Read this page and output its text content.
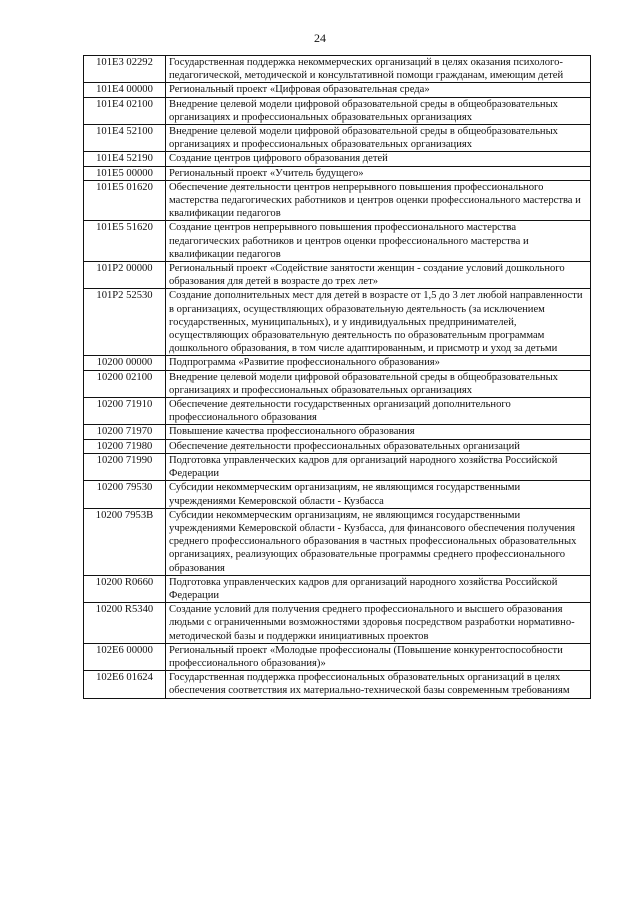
24
101E3 02292	Государственная поддержка некоммерческих организаций в целях оказания психолого-педагогической, методической и консультативной помощи гражданам, имеющим детей
101E4 00000	Региональный проект «Цифровая образовательная среда»
101E4 02100	Внедрение целевой модели цифровой образовательной среды в общеобразовательных организациях и профессиональных образовательных организациях
101E4 52100	Внедрение целевой модели цифровой образовательной среды в общеобразовательных организациях и профессиональных образовательных организациях
101E4 52190	Создание центров цифрового образования детей
101E5 00000	Региональный проект «Учитель будущего»
101E5 01620	Обеспечение деятельности центров непрерывного повышения профессионального мастерства педагогических работников и центров оценки профессионального мастерства и квалификации педагогов
101E5 51620	Создание центров непрерывного повышения профессионального мастерства педагогических работников и центров оценки профессионального мастерства и квалификации педагогов
101P2 00000	Региональный проект «Содействие занятости женщин - создание условий дошкольного образования для детей в возрасте до трех лет»
101P2 52530	Создание дополнительных мест для детей в возрасте от 1,5 до 3 лет любой направленности в организациях, осуществляющих образовательную деятельность (за исключением государственных, муниципальных), и у индивидуальных предпринимателей, осуществляющих образовательную деятельность по образовательным программам дошкольного образования, в том числе адаптированным, и присмотр и уход за детьми
10200 00000	Подпрограмма «Развитие профессионального образования»
10200 02100	Внедрение целевой модели цифровой образовательной среды в общеобразовательных организациях и профессиональных образовательных организациях
10200 71910	Обеспечение деятельности государственных организаций дополнительного профессионального образования
10200 71970	Повышение качества профессионального образования
10200 71980	Обеспечение деятельности профессиональных образовательных организаций
10200 71990	Подготовка управленческих кадров для организаций народного хозяйства Российской Федерации
10200 79530	Субсидии некоммерческим организациям, не являющимся государственными учреждениями Кемеровской области - Кузбасса
10200 7953B	Субсидии некоммерческим организациям, не являющимся государственными учреждениями Кемеровской области - Кузбасса, для финансового обеспечения получения среднего профессионального образования в частных профессиональных образовательных организациях, реализующих образовательные программы среднего профессионального образования
10200 R0660	Подготовка управленческих кадров для организаций народного хозяйства Российской Федерации
10200 R5340	Создание условий для получения среднего профессионального и высшего образования людьми с ограниченными возможностями здоровья посредством разработки нормативно-методической базы и поддержки инициативных проектов
102E6 00000	Региональный проект «Молодые профессионалы (Повышение конкурентоспособности профессионального образования)»
102E6 01624	Государственная поддержка профессиональных образовательных организаций в целях обеспечения соответствия их материально-технической базы современным требованиям
